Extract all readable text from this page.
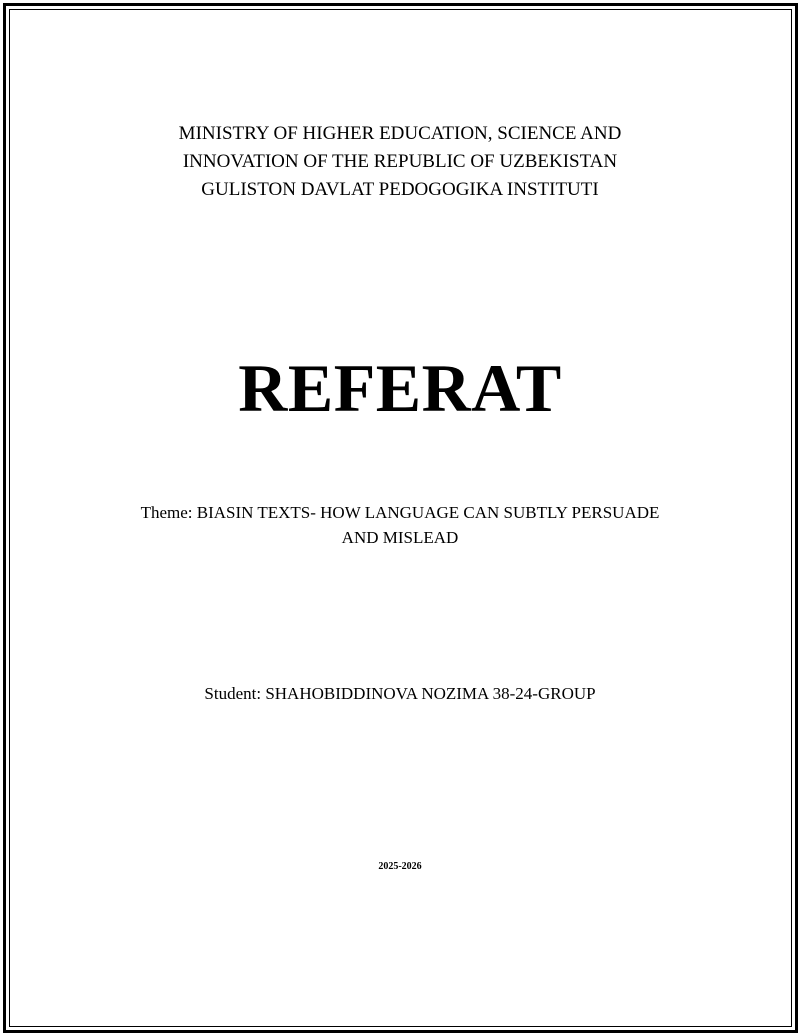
MINISTRY OF HIGHER EDUCATION, SCIENCE AND
INNOVATION OF THE REPUBLIC OF UZBEKISTAN
GULISTON DAVLAT PEDOGOGIKA INSTITUTI
REFERAT
Theme: BIASIN TEXTS- HOW LANGUAGE CAN SUBTLY PERSUADE
AND MISLEAD
Student: SHAHOBIDDINOVA NOZIMA 38-24-GROUP
2025-2026
